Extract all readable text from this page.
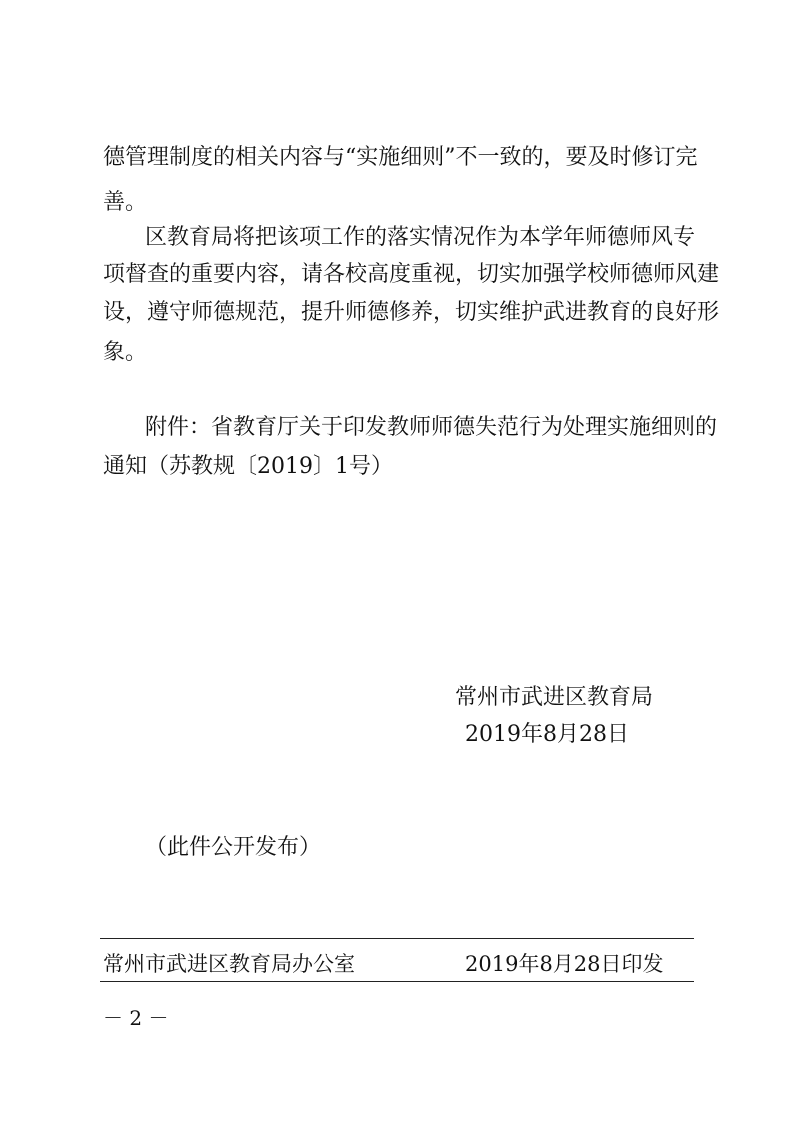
德管理制度的相关内容与“实施细则”不一致的，要及时修订完
善。
区教育局将把该项工作的落实情况作为本学年师德师风专
项督查的重要内容，请各校高度重视，切实加强学校师德师风建
设，遵守师德规范，提升师德修养，切实维护武进教育的良好形
象。
附件：省教育厅关于印发教师师德失范行为处理实施细则的
通知（苏教规〔2019〕1号）
常州市武进区教育局
2019年8月28日
（此件公开发布）
常州市武进区教育局办公室	2019年8月28日印发
－ 2 －
